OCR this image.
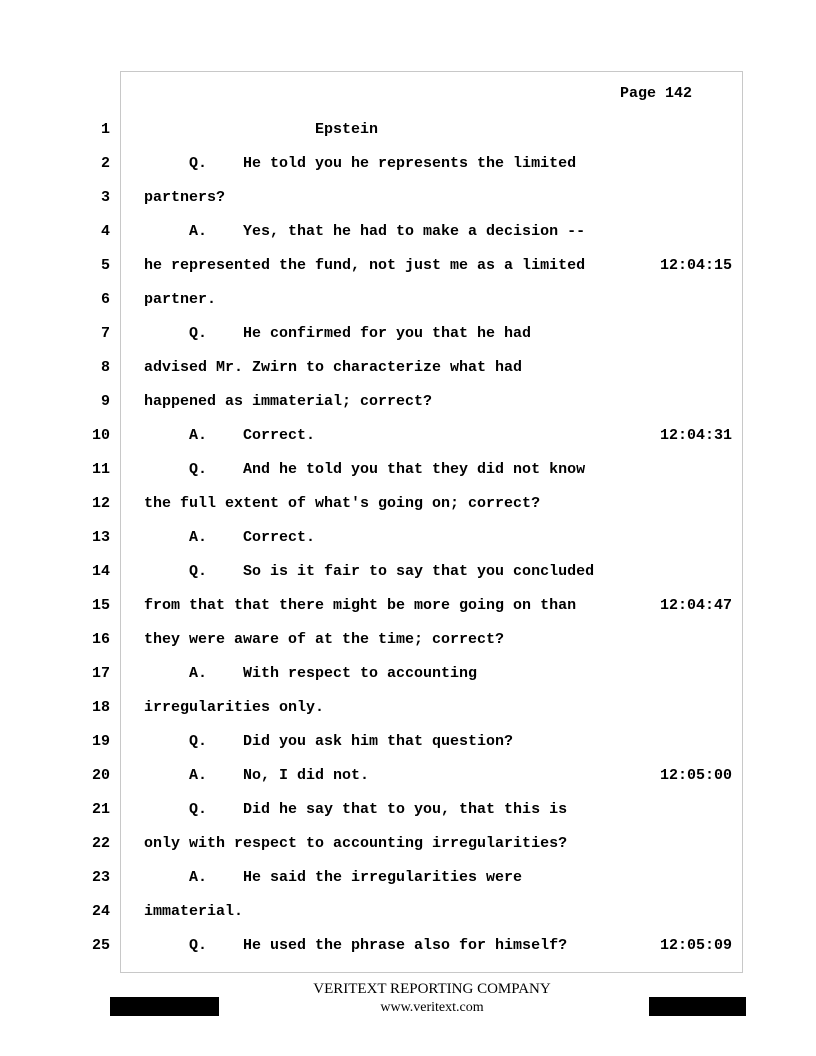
Page 142
1 Epstein
2 Q.    He told you he represents the limited
3 partners?
4 A.    Yes, that he had to make a decision --
5 he represented the fund, not just me as a limited	12:04:15
6 partner.
7 Q.    He confirmed for you that he had
8 advised Mr. Zwirn to characterize what had
9 happened as immaterial; correct?
10 A.    Correct.	12:04:31
11 Q.    And he told you that they did not know
12 the full extent of what's going on; correct?
13 A.    Correct.
14 Q.    So is it fair to say that you concluded
15 from that that there might be more going on than	12:04:47
16 they were aware of at the time; correct?
17 A.    With respect to accounting
18 irregularities only.
19 Q.    Did you ask him that question?
20 A.    No, I did not.	12:05:00
21 Q.    Did he say that to you, that this is
22 only with respect to accounting irregularities?
23 A.    He said the irregularities were
24 immaterial.
25 Q.    He used the phrase also for himself?	12:05:09
VERITEXT REPORTING COMPANY
www.veritext.com
